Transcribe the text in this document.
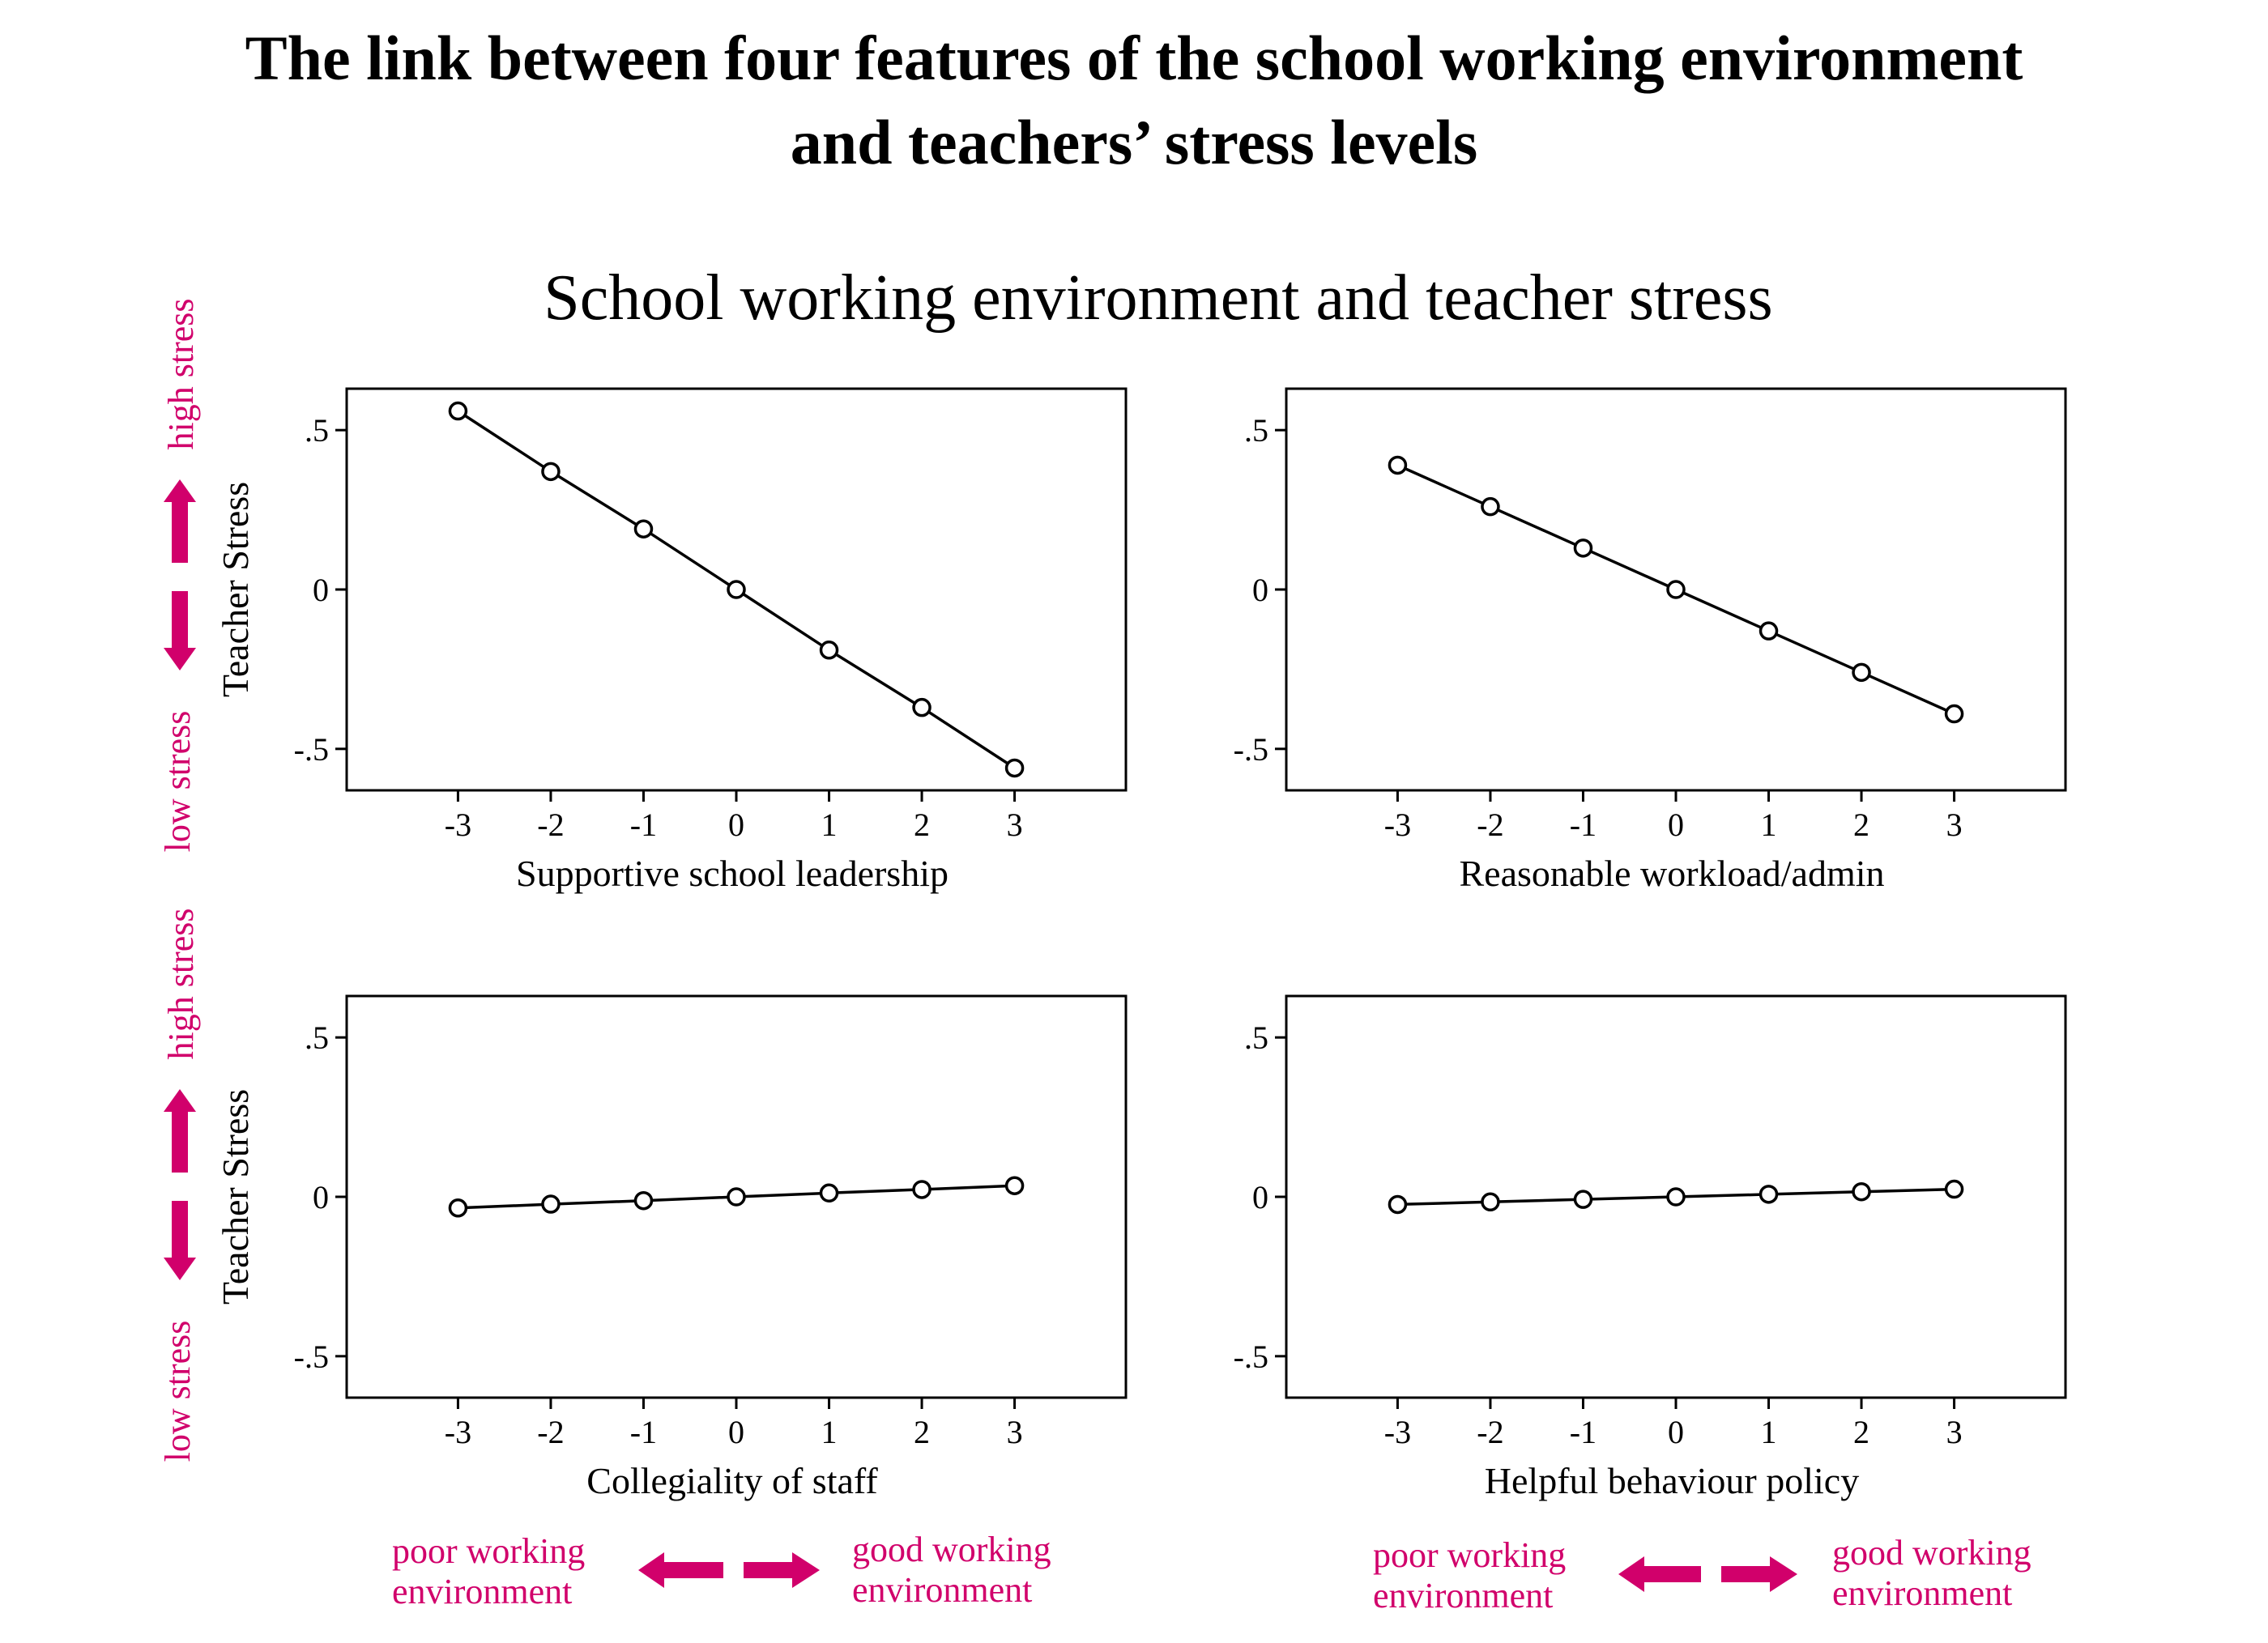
The link between four features of the school working environment
and teachers’ stress levels
School working environment and teacher stress
high stress
low stress
high stress
low stress
poor working
environment
good working
environment
poor working
environment
good working
environment
.5
0
-.5
-3 -2 -1 0 1 2 3
Supportive school leadership
Teacher Stress
.5
0
-.5
-3 -2 -1 0 1 2 3
Reasonable workload/admin
.5
0
-.5
-3 -2 -1 0 1 2 3
Collegiality of staff
Teacher Stress
.5
0
-.5
-3 -2 -1 0 1 2 3
Helpful behaviour policy
